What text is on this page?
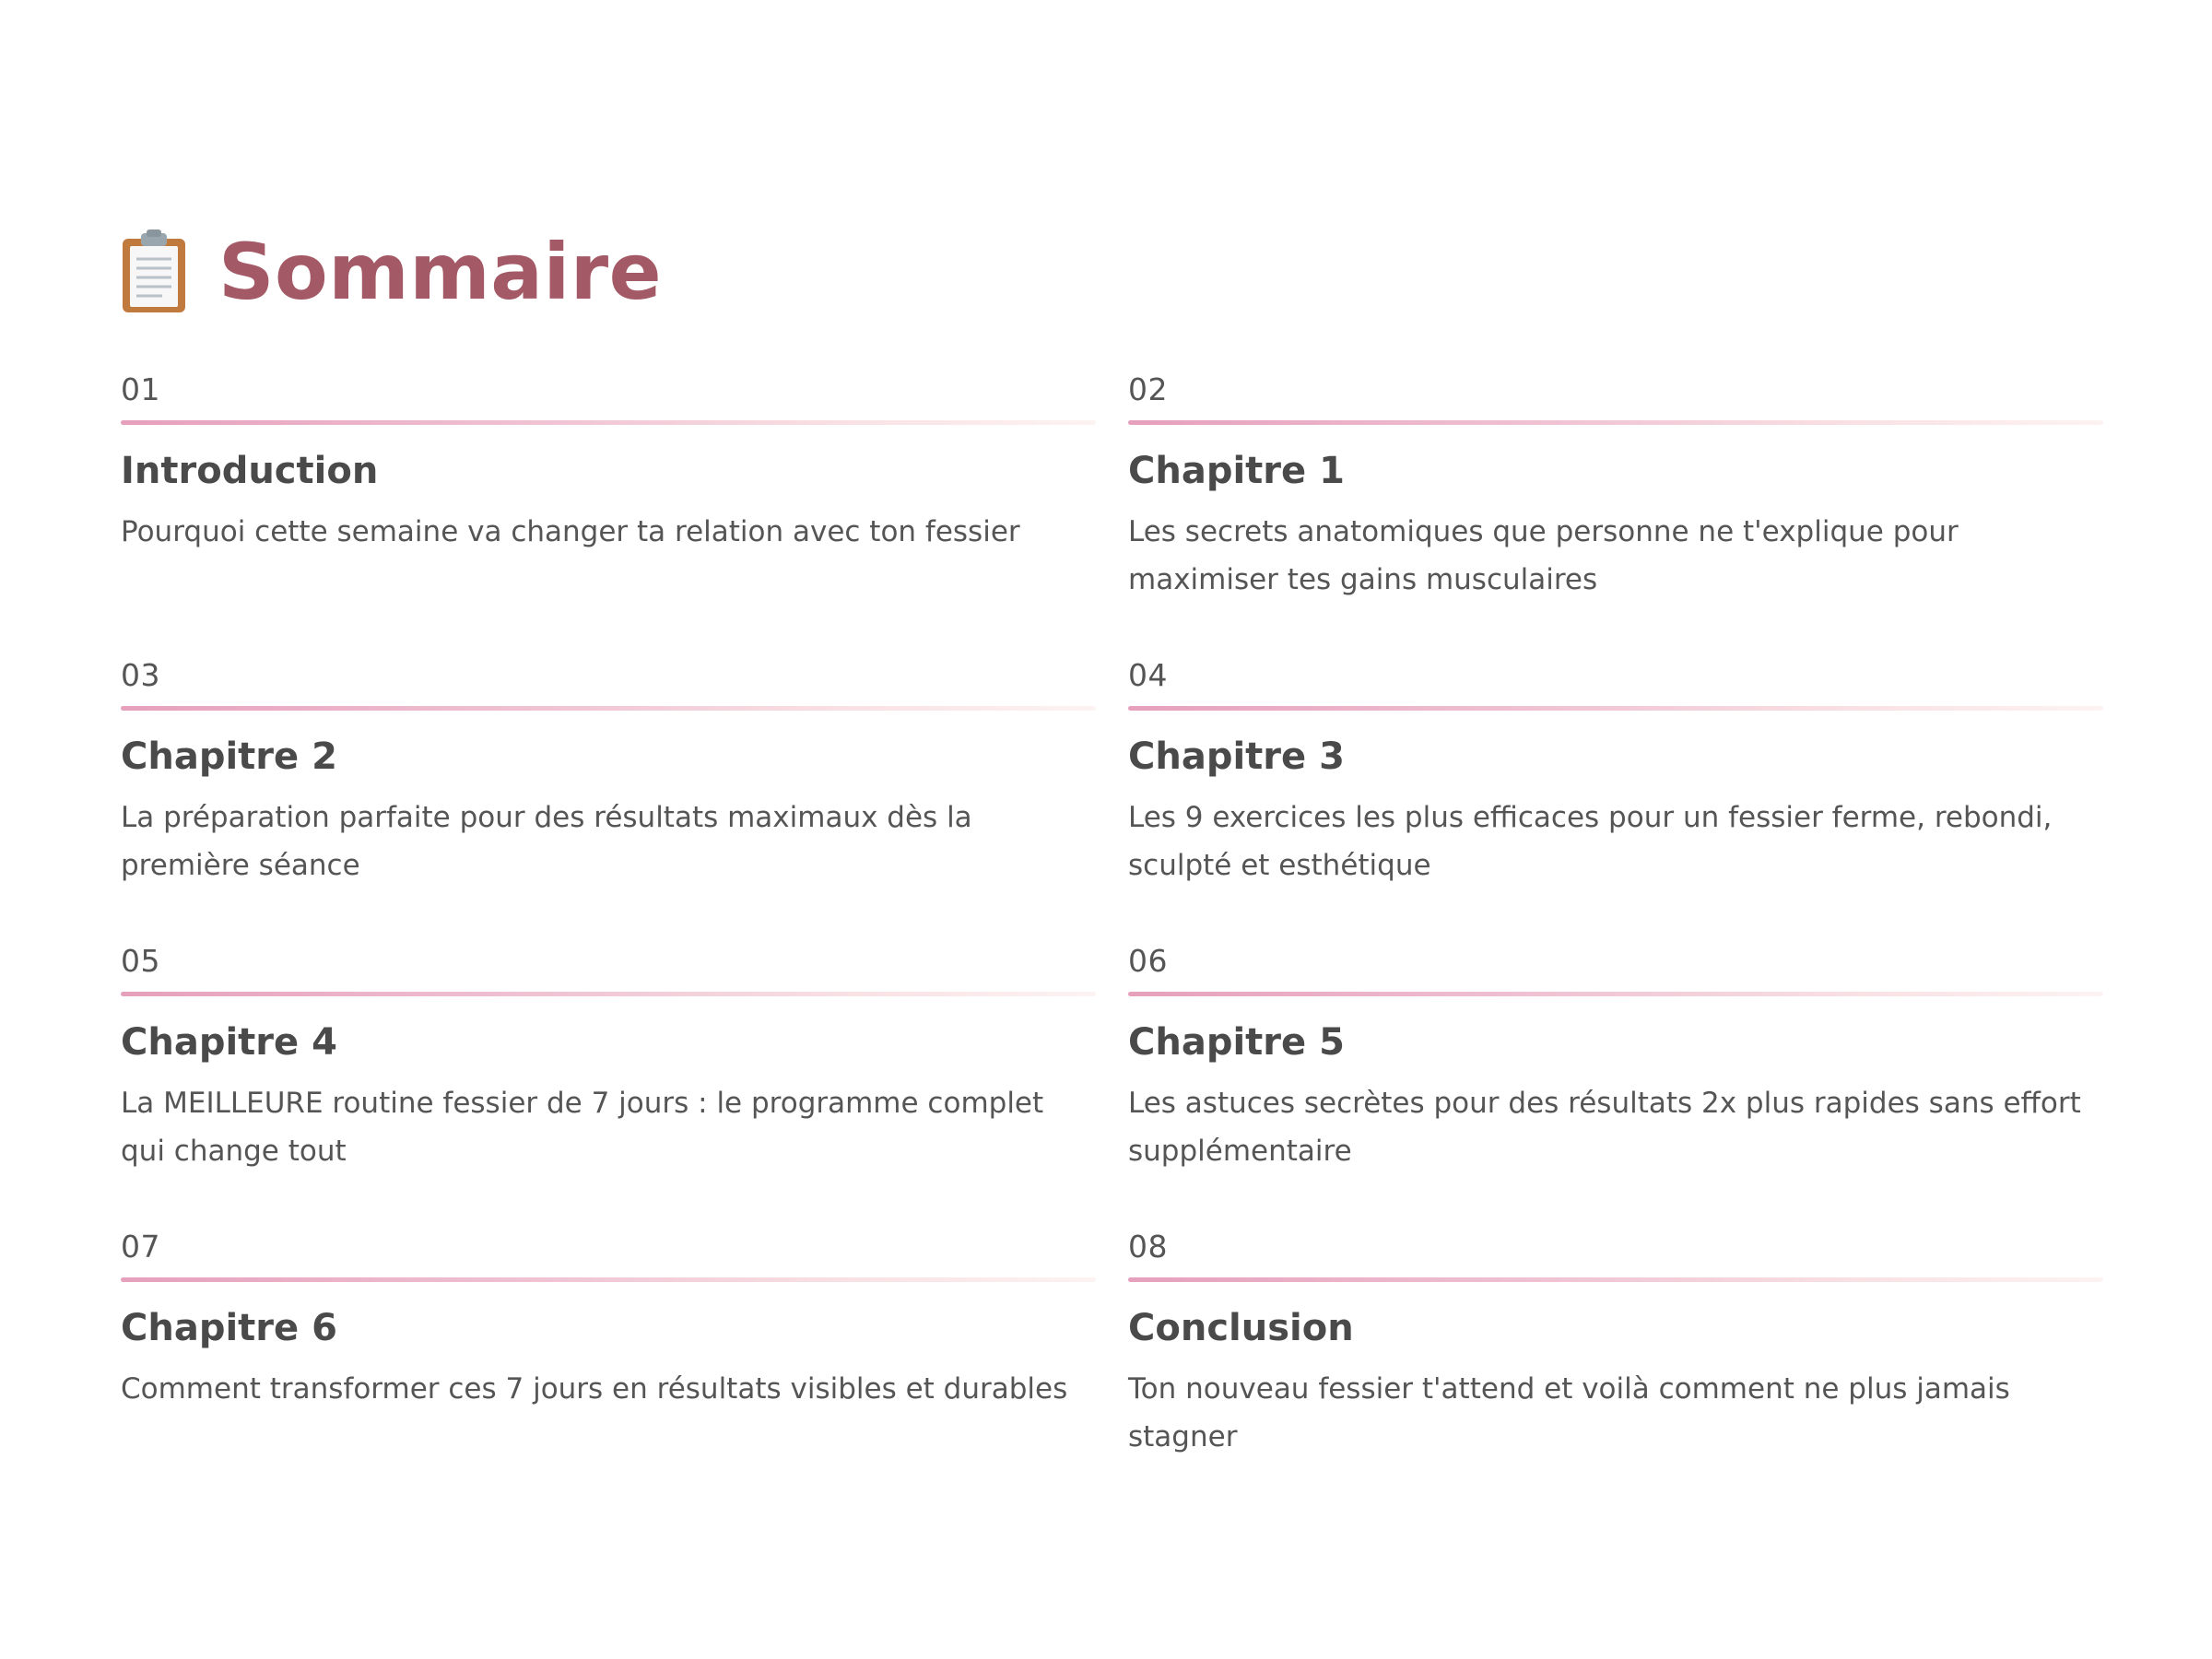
Sommaire
01
Introduction
Pourquoi cette semaine va changer ta relation avec ton fessier
02
Chapitre 1
Les secrets anatomiques que personne ne t'explique pour maximiser tes gains musculaires
03
Chapitre 2
La préparation parfaite pour des résultats maximaux dès la première séance
04
Chapitre 3
Les 9 exercices les plus efficaces pour un fessier ferme, rebondi, sculpté et esthétique
05
Chapitre 4
La MEILLEURE routine fessier de 7 jours : le programme complet qui change tout
06
Chapitre 5
Les astuces secrètes pour des résultats 2x plus rapides sans effort supplémentaire
07
Chapitre 6
Comment transformer ces 7 jours en résultats visibles et durables
08
Conclusion
Ton nouveau fessier t'attend et voilà comment ne plus jamais stagner
